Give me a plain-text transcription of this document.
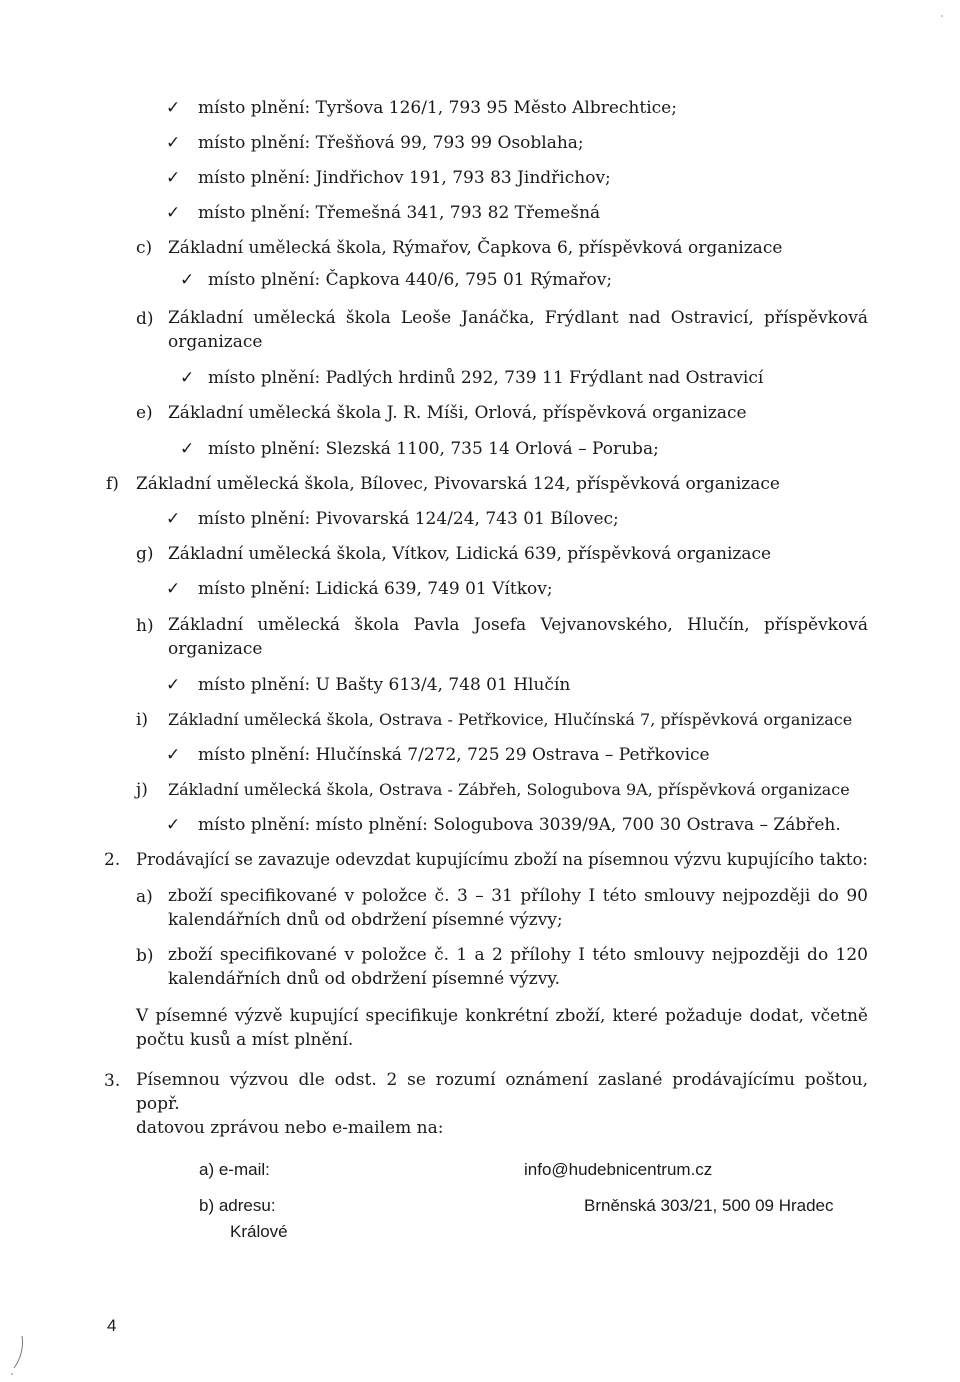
✓ místo plnění: Tyršova 126/1, 793 95 Město Albrechtice;
✓ místo plnění: Třešňová 99, 793 99 Osoblaha;
✓ místo plnění: Jindřichov 191, 793 83 Jindřichov;
✓ místo plnění: Třemešná 341, 793 82 Třemešná
c) Základní umělecká škola, Rýmařov, Čapkova 6, příspěvková organizace
✓ místo plnění: Čapkova 440/6, 795 01 Rýmařov;
d) Základní umělecká škola Leoše Janáčka, Frýdlant nad Ostravicí, příspěvková
organizace
✓ místo plnění: Padlých hrdinů 292, 739 11 Frýdlant nad Ostravicí
e) Základní umělecká škola J. R. Míši, Orlová, příspěvková organizace
✓ místo plnění: Slezská 1100, 735 14 Orlová – Poruba;
f) Základní umělecká škola, Bílovec, Pivovarská 124, příspěvková organizace
✓ místo plnění: Pivovarská 124/24, 743 01 Bílovec;
g) Základní umělecká škola, Vítkov, Lidická 639, příspěvková organizace
✓ místo plnění: Lidická 639, 749 01 Vítkov;
h) Základní umělecká škola Pavla Josefa Vejvanovského, Hlučín, příspěvková
organizace
✓ místo plnění: U Bašty 613/4, 748 01 Hlučín
i) Základní umělecká škola, Ostrava - Petřkovice, Hlučínská 7, příspěvková organizace
✓ místo plnění: Hlučínská 7/272, 725 29 Ostrava – Petřkovice
j) Základní umělecká škola, Ostrava - Zábřeh, Sologubova 9A, příspěvková organizace
✓ místo plnění: místo plnění: Sologubova 3039/9A, 700 30 Ostrava – Zábřeh.
2. Prodávající se zavazuje odevzdat kupujícímu zboží na písemnou výzvu kupujícího takto:
a) zboží specifikované v položce č. 3 – 31 přílohy I této smlouvy nejpozději do 90
kalendářních dnů od obdržení písemné výzvy;
b) zboží specifikované v položce č. 1 a 2 přílohy I této smlouvy nejpozději do 120
kalendářních dnů od obdržení písemné výzvy.
V písemné výzvě kupující specifikuje konkrétní zboží, které požaduje dodat, včetně
počtu kusů a míst plnění.
3. Písemnou výzvou dle odst. 2 se rozumí oznámení zaslané prodávajícímu poštou, popř.
datovou zprávou nebo e-mailem na:
a) e-mail:	info@hudebnicentrum.cz
b) adresu:	Brněnská 303/21, 500 09 Hradec
Králové
4
